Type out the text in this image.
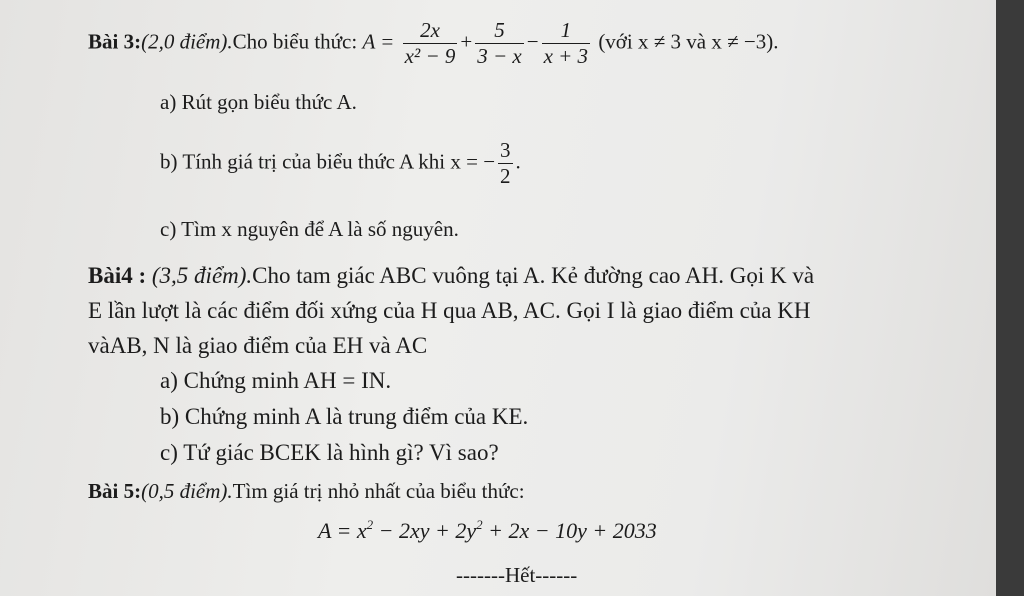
Bài 3:(2,0 điểm).Cho biểu thức: $A = \frac{2x}{\text{x² − 9}} + \frac{5}{3 - x} - \frac{1}{x + 3}$ (với x ≠ 3 và x ≠ −3).
a) Rút gọn biểu thức A.
b) Tính giá trị của biểu thức A khi x = − $\frac{3}{2}$ .
c) Tìm x nguyên để A là số nguyên.
Bài4 : (3,5 điểm).Cho tam giác ABC vuông tại A. Kẻ đường cao AH. Gọi K và
E lần lượt là các điểm đối xứng của H qua AB, AC. Gọi I là giao điểm của KH
vàAB, N là giao điểm của EH và AC
a) Chứng minh AH = IN.
b) Chứng minh A là trung điểm của KE.
c) Tứ giác BCEK là hình gì? Vì sao?
Bài 5:(0,5 điểm).Tìm giá trị nhỏ nhất của biểu thức:
$A = x^2 - 2xy + 2y^2 + 2x - 10y + 2033$
-------Hết------
